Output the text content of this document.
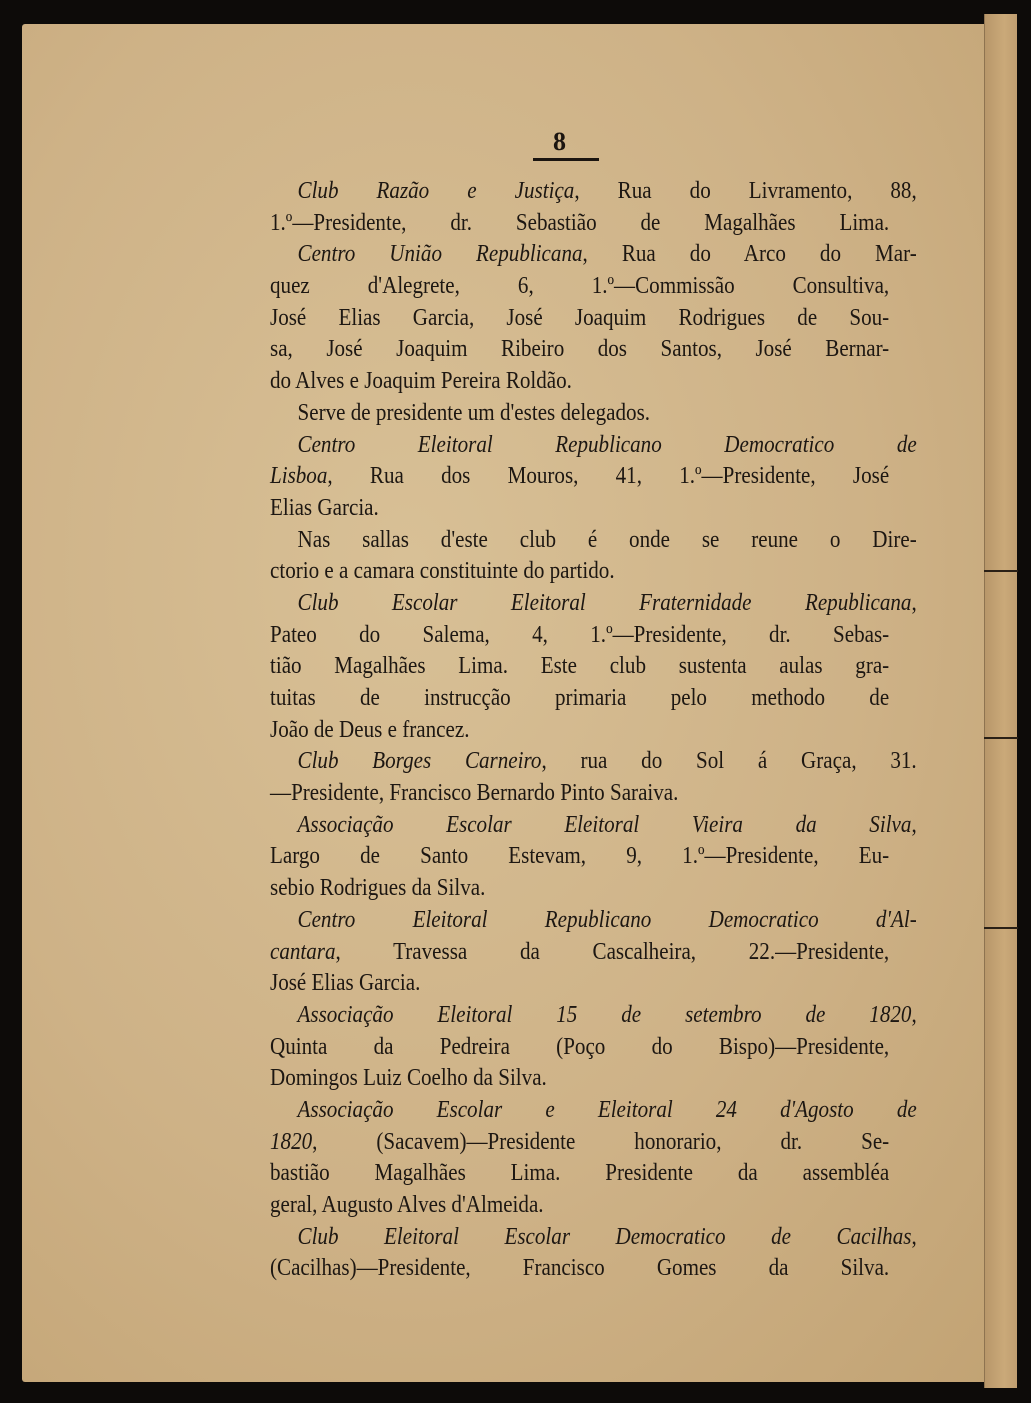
8
Club Razão e Justiça, Rua do Livramento, 88,
1.º—Presidente, dr. Sebastião de Magalhães Lima.
Centro União Republicana, Rua do Arco do Mar-
quez d'Alegrete, 6, 1.º—Commissão Consultiva,
José Elias Garcia, José Joaquim Rodrigues de Sou-
sa, José Joaquim Ribeiro dos Santos, José Bernar-
do Alves e Joaquim Pereira Roldão.
Serve de presidente um d'estes delegados.
Centro Eleitoral Republicano Democratico de
Lisboa, Rua dos Mouros, 41, 1.º—Presidente, José
Elias Garcia.
Nas sallas d'este club é onde se reune o Dire-
ctorio e a camara constituinte do partido.
Club Escolar Eleitoral Fraternidade Republicana,
Pateo do Salema, 4, 1.º—Presidente, dr. Sebas-
tião Magalhães Lima. Este club sustenta aulas gra-
tuitas de instrucção primaria pelo methodo de
João de Deus e francez.
Club Borges Carneiro, rua do Sol á Graça, 31.
—Presidente, Francisco Bernardo Pinto Saraiva.
Associação Escolar Eleitoral Vieira da Silva,
Largo de Santo Estevam, 9, 1.º—Presidente, Eu-
sebio Rodrigues da Silva.
Centro Eleitoral Republicano Democratico d'Al-
cantara, Travessa da Cascalheira, 22.—Presidente,
José Elias Garcia.
Associação Eleitoral 15 de setembro de 1820,
Quinta da Pedreira (Poço do Bispo)—Presidente,
Domingos Luiz Coelho da Silva.
Associação Escolar e Eleitoral 24 d'Agosto de
1820, (Sacavem)—Presidente honorario, dr. Se-
bastião Magalhães Lima. Presidente da assembléa
geral, Augusto Alves d'Almeida.
Club Eleitoral Escolar Democratico de Cacilhas,
(Cacilhas)—Presidente, Francisco Gomes da Silva.
